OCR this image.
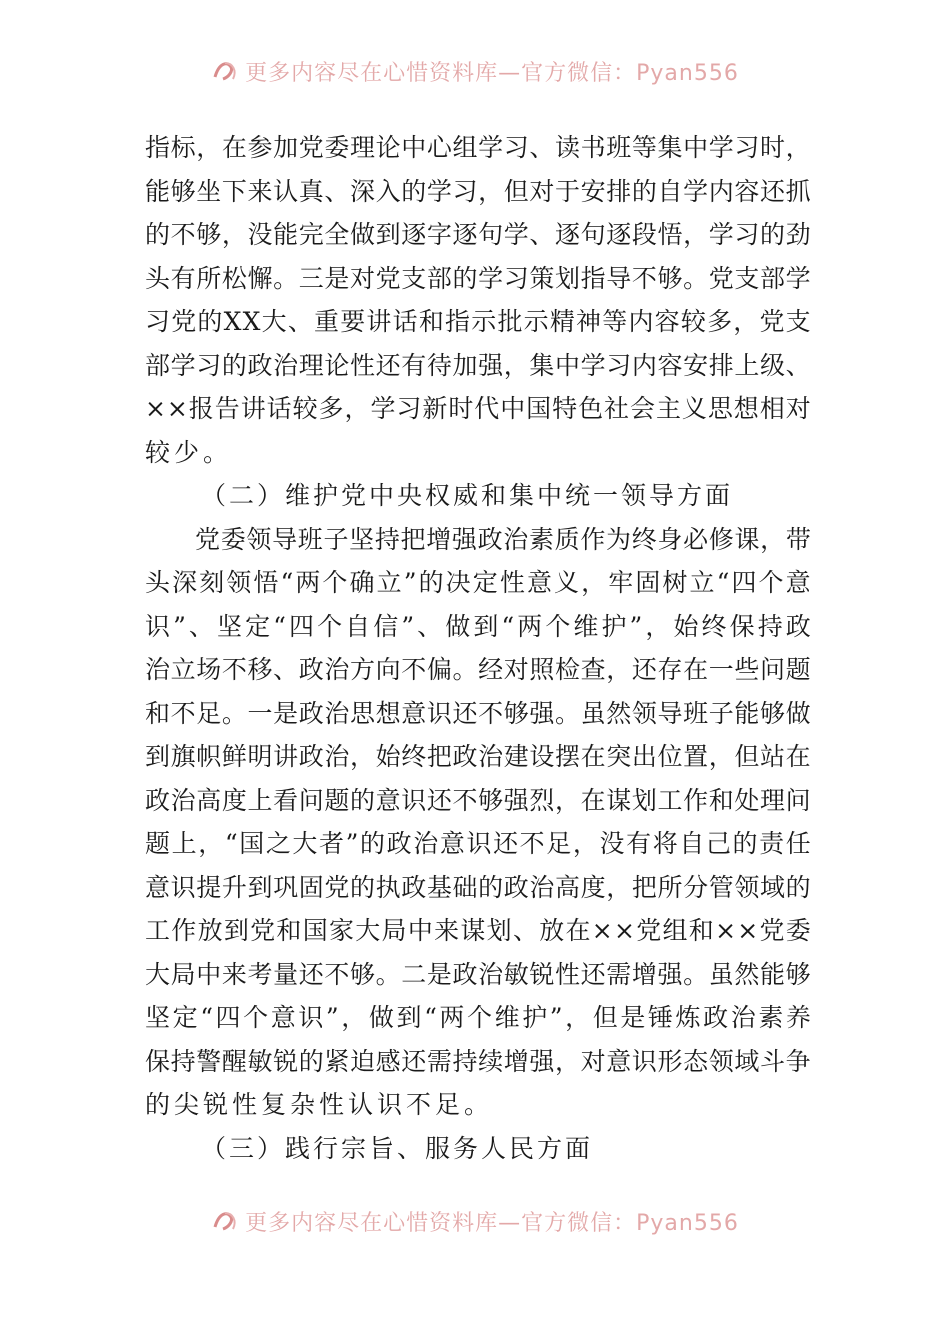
更多内容尽在心惜资料库—官方微信：Pyan556
指 标 ， 在 参 加 党 委 理 论 中 心 组 学 习 、 读 书 班 等 集 中 学 习 时 ，
能 够 坐 下 来 认 真 、 深 入 的 学 习 ， 但 对 于 安 排 的 自 学 内 容 还 抓
的 不 够 ， 没 能 完 全 做 到 逐 字 逐 句 学 、 逐 句 逐 段 悟 ， 学 习 的 劲
头 有 所 松 懈 。 三 是 对 党 支 部 的 学 习 策 划 指 导 不 够 。 党 支 部 学
习 党 的 X X 大 、 重 要 讲 话 和 指 示 批 示 精 神 等 内 容 较 多 ， 党 支
部 学 习 的 政 治 理 论 性 还 有 待 加 强 ， 集 中 学 习 内 容 安 排 上 级 、
× × 报 告 讲 话 较 多 ， 学 习 新 时 代 中 国 特 色 社 会 主 义 思 想 相 对
较少。
（二）维护党中央权威和集中统一领导方面
党 委 领 导 班 子 坚 持 把 增 强 政 治 素 质 作 为 终 身 必 修 课 ， 带
头 深 刻 领 悟 “ 两 个 确 立 ” 的 决 定 性 意 义 ， 牢 固 树 立 “ 四 个 意
识 ” 、 坚 定 “ 四 个 自 信 ” 、 做 到 “ 两 个 维 护 ” ， 始 终 保 持 政
治 立 场 不 移 、 政 治 方 向 不 偏 。 经 对 照 检 查 ， 还 存 在 一 些 问 题
和 不 足 。 一 是 政 治 思 想 意 识 还 不 够 强 。 虽 然 领 导 班 子 能 够 做
到 旗 帜 鲜 明 讲 政 治 ， 始 终 把 政 治 建 设 摆 在 突 出 位 置 ， 但 站 在
政 治 高 度 上 看 问 题 的 意 识 还 不 够 强 烈 ， 在 谋 划 工 作 和 处 理 问
题 上 ， “ 国 之 大 者 ” 的 政 治 意 识 还 不 足 ， 没 有 将 自 己 的 责 任
意 识 提 升 到 巩 固 党 的 执 政 基 础 的 政 治 高 度 ， 把 所 分 管 领 域 的
工 作 放 到 党 和 国 家 大 局 中 来 谋 划 、 放 在 × × 党 组 和 × × 党 委
大 局 中 来 考 量 还 不 够 。 二 是 政 治 敏 锐 性 还 需 增 强 。 虽 然 能 够
坚 定 “ 四 个 意 识 ” ， 做 到 “ 两 个 维 护 ” ， 但 是 锤 炼 政 治 素 养
保 持 警 醒 敏 锐 的 紧 迫 感 还 需 持 续 增 强 ， 对 意 识 形 态 领 域 斗 争
的尖锐性复杂性认识不足。
（三）践行宗旨、服务人民方面
更多内容尽在心惜资料库—官方微信：Pyan556
